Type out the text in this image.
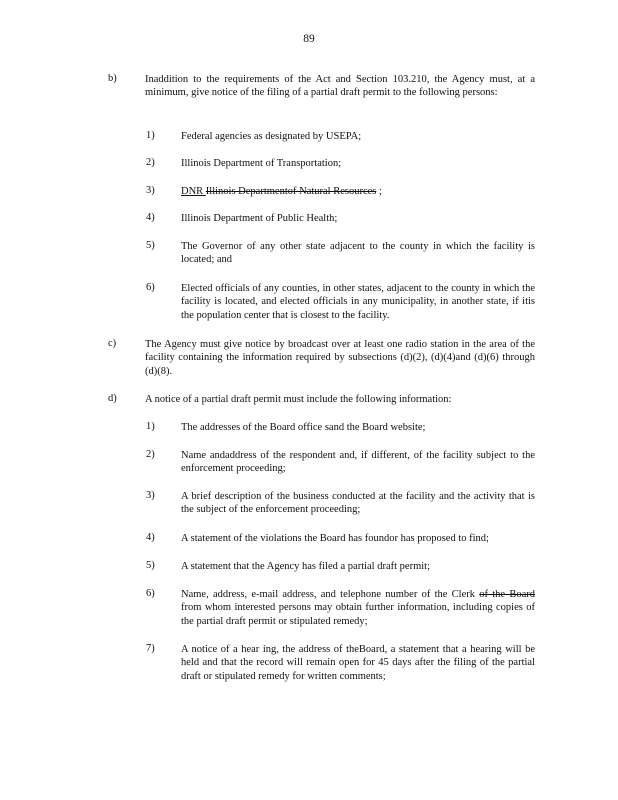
89
b)	Inaddition to the requirements of the Act and Section 103.210, the Agency must, at a minimum, give notice of the filing of a partial draft permit to the following persons:
1)	Federal agencies as designated by USEPA;
2)	Illinois Department of Transportation;
3)	DNR Illinois Departmentof Natural Resources ;
4)	Illinois Department of Public Health;
5)	The Governor of any other state adjacent to the county in which the facility is located; and
6)	Elected officials of any counties, in other states, adjacent to the county in which the facility is located, and elected officials in any municipality, in another state, if itis the population center that is closest to the facility.
c)	The Agency must give notice by broadcast over at least one radio station in the area of the facility containing the information required by subsections (d)(2), (d)(4)and (d)(6) through (d)(8).
d)	A notice of a partial draft permit must include the following information:
1)	The addresses of the Board office sand the Board website;
2)	Name andaddress of the respondent and, if different, of the facility subject to the enforcement proceeding;
3)	A brief description of the business conducted at the facility and the activity that is the subject of the enforcement proceeding;
4)	A statement of the violations the Board has foundor has proposed to find;
5)	A statement that the Agency has filed a partial draft permit;
6)	Name, address, e-mail address, and telephone number of the Clerk of the Board from whom interested persons may obtain further information, including copies of the partial draft permit or stipulated remedy;
7)	A notice of a hear ing, the address of theBoard, a statement that a hearing will be held and that the record will remain open for 45 days after the filing of the partial draft or stipulated remedy for written comments;
